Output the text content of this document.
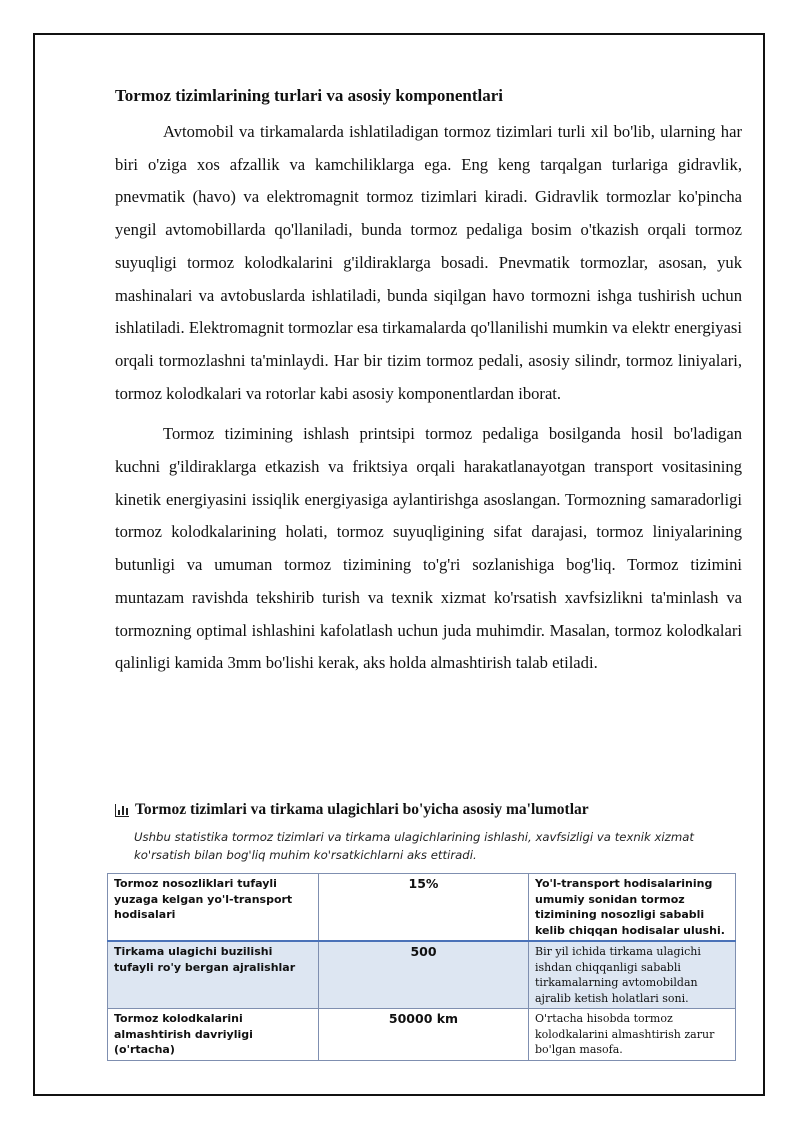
Tormoz tizimlarining turlari va asosiy komponentlari

Avtomobil va tirkamalarda ishlatiladigan tormoz tizimlari turli xil bo'lib, ularning har biri o'ziga xos afzallik va kamchiliklarga ega. Eng keng tarqalgan turlariga gidravlik, pnevmatik (havo) va elektromagnit tormoz tizimlari kiradi. Gidravlik tormozlar ko'pincha yengil avtomobillarda qo'llaniladi, bunda tormoz pedaliga bosim o'tkazish orqali tormoz suyuqligi tormoz kolodkalarini g'ildiraklarga bosadi. Pnevmatik tormozlar, asosan, yuk mashinalari va avtobuslarda ishlatiladi, bunda siqilgan havo tormozni ishga tushirish uchun ishlatiladi. Elektromagnit tormozlar esa tirkamalarda qo'llanilishi mumkin va elektr energiyasi orqali tormozlashni ta'minlaydi. Har bir tizim tormoz pedali, asosiy silindr, tormoz liniyalari, tormoz kolodkalari va rotorlar kabi asosiy komponentlardan iborat.

Tormoz tizimining ishlash printsipi tormoz pedaliga bosilganda hosil bo'ladigan kuchni g'ildiraklarga etkazish va friktsiya orqali harakatlanayotgan transport vositasining kinetik energiyasini issiqlik energiyasiga aylantirishga asoslangan. Tormozning samaradorligi tormoz kolodkalarining holati, tormoz suyuqligining sifat darajasi, tormoz liniyalarining butunligi va umuman tormoz tizimining to'g'ri sozlanishiga bog'liq. Tormoz tizimini muntazam ravishda tekshirib turish va texnik xizmat ko'rsatish xavfsizlikni ta'minlash va tormozning optimal ishlashini kafolatlash uchun juda muhimdir. Masalan, tormoz kolodkalari qalinligi kamida 3mm bo'lishi kerak, aks holda almashtirish talab etiladi.

Tormoz tizimlari va tirkama ulagichlari bo'yicha asosiy ma'lumotlar
Ushbu statistika tormoz tizimlari va tirkama ulagichlarining ishlashi, xavfsizligi va texnik xizmat ko'rsatish bilan bog'liq muhim ko'rsatkichlarni aks ettiradi.
Tormoz nosozliklari tufayli yuzaga kelgan yo'l-transport hodisalari	15%	Yo'l-transport hodisalarining umumiy sonidan tormoz tizimining nosozligi sababli kelib chiqqan hodisalar ulushi.
Tirkama ulagichi buzilishi tufayli ro'y bergan ajralishlar	500	Bir yil ichida tirkama ulagichi ishdan chiqqanligi sababli tirkamalarning avtomobildan ajralib ketish holatlari soni.
Tormoz kolodkalarini almashtirish davriyligi (o'rtacha)	50000 km	O'rtacha hisobda tormoz kolodkalarini almashtirish zarur bo'lgan masofa.
